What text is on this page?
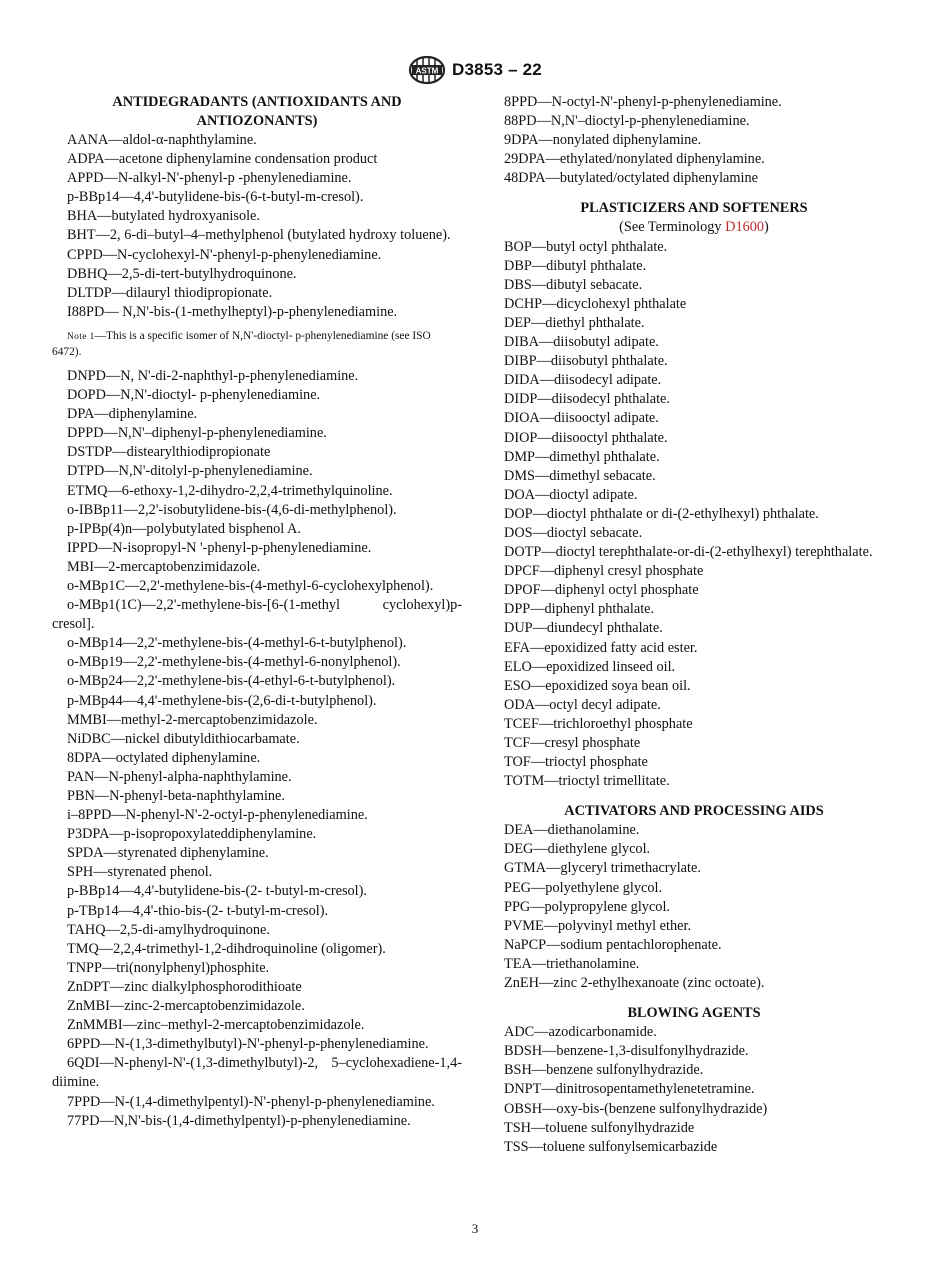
ASTM D3853 – 22
ANTIDEGRADANTS (ANTIOXIDANTS AND ANTIOZONANTS)
AANA—aldol-α-naphthylamine.
ADPA—acetone diphenylamine condensation product
APPD—N-alkyl-N'-phenyl-p -phenylenediamine.
p-BBp14—4,4'-butylidene-bis-(6-t-butyl-m-cresol).
BHA—butylated hydroxyanisole.
BHT—2, 6-di–butyl–4–methylphenol (butylated hydroxy toluene).
CPPD—N-cyclohexyl-N'-phenyl-p-phenylenediamine.
DBHQ—2,5-di-tert-butylhydroquinone.
DLTDP—dilauryl thiodipropionate.
I88PD— N,N'-bis-(1-methylheptyl)-p-phenylenediamine.
Note 1—This is a specific isomer of N,N'-dioctyl- p-phenylenediamine (see ISO 6472).
DNPD—N, N'-di-2-naphthyl-p-phenylenediamine.
DOPD—N,N'-dioctyl- p-phenylenediamine.
DPA—diphenylamine.
DPPD—N,N'–diphenyl-p-phenylenediamine.
DSTDP—distearylthiodipropionate
DTPD—N,N'-ditolyl-p-phenylenediamine.
ETMQ—6-ethoxy-1,2-dihydro-2,2,4-trimethylquinoline.
o-IBBp11—2,2'-isobutylidene-bis-(4,6-di-methylphenol).
p-IPBp(4)n—polybutylated bisphenol A.
IPPD—N-isopropyl-N '-phenyl-p-phenylenediamine.
MBI—2-mercaptobenzimidazole.
o-MBp1C—2,2'-methylene-bis-(4-methyl-6-cyclohexylphenol).
o-MBp1(1C)—2,2'-methylene-bis-[6-(1-methyl cyclohexyl)p-cresol].
o-MBp14—2,2'-methylene-bis-(4-methyl-6-t-butylphenol).
o-MBp19—2,2'-methylene-bis-(4-methyl-6-nonylphenol).
o-MBp24—2,2'-methylene-bis-(4-ethyl-6-t-butylphenol).
p-MBp44—4,4'-methylene-bis-(2,6-di-t-butylphenol).
MMBI—methyl-2-mercaptobenzimidazole.
NiDBC—nickel dibutyldithiocarbamate.
8DPA—octylated diphenylamine.
PAN—N-phenyl-alpha-naphthylamine.
PBN—N-phenyl-beta-naphthylamine.
i–8PPD—N-phenyl-N'-2-octyl-p-phenylenediamine.
P3DPA—p-isopropoxylateddiphenylamine.
SPDA—styrenated diphenylamine.
SPH—styrenated phenol.
p-BBp14—4,4'-butylidene-bis-(2- t-butyl-m-cresol).
p-TBp14—4,4'-thio-bis-(2- t-butyl-m-cresol).
TAHQ—2,5-di-amylhydroquinone.
TMQ—2,2,4-trimethyl-1,2-dihdroquinoline (oligomer).
TNPP—tri(nonylphenyl)phosphite.
ZnDPT—zinc dialkylphosphorodithioate
ZnMBI—zinc-2-mercaptobenzimidazole.
ZnMMBI—zinc–methyl-2-mercaptobenzimidazole.
6PPD—N-(1,3-dimethylbutyl)-N'-phenyl-p-phenylenediamine.
6QDI—N-phenyl-N'-(1,3-dimethylbutyl)-2, 5–cyclohexadiene-1,4-diimine.
7PPD—N-(1,4-dimethylpentyl)-N'-phenyl-p-phenylenediamine.
77PD—N,N'-bis-(1,4-dimethylpentyl)-p-phenylenediamine.
8PPD—N-octyl-N'-phenyl-p-phenylenediamine.
88PD—N,N'–dioctyl-p-phenylenediamine.
9DPA—nonylated diphenylamine.
29DPA—ethylated/nonylated diphenylamine.
48DPA—butylated/octylated diphenylamine
PLASTICIZERS AND SOFTENERS
(See Terminology D1600)
BOP—butyl octyl phthalate.
DBP—dibutyl phthalate.
DBS—dibutyl sebacate.
DCHP—dicyclohexyl phthalate
DEP—diethyl phthalate.
DIBA—diisobutyl adipate.
DIBP—diisobutyl phthalate.
DIDA—diisodecyl adipate.
DIDP—diisodecyl phthalate.
DIOA—diisooctyl adipate.
DIOP—diisooctyl phthalate.
DMP—dimethyl phthalate.
DMS—dimethyl sebacate.
DOA—dioctyl adipate.
DOP—dioctyl phthalate or di-(2-ethylhexyl) phthalate.
DOS—dioctyl sebacate.
DOTP—dioctyl terephthalate-or-di-(2-ethylhexyl) terephthalate.
DPCF—diphenyl cresyl phosphate
DPOF—diphenyl octyl phosphate
DPP—diphenyl phthalate.
DUP—diundecyl phthalate.
EFA—epoxidized fatty acid ester.
ELO—epoxidized linseed oil.
ESO—epoxidized soya bean oil.
ODA—octyl decyl adipate.
TCEF—trichloroethyl phosphate
TCF—cresyl phosphate
TOF—trioctyl phosphate
TOTM—trioctyl trimellitate.
ACTIVATORS AND PROCESSING AIDS
DEA—diethanolamine.
DEG—diethylene glycol.
GTMA—glyceryl trimethacrylate.
PEG—polyethylene glycol.
PPG—polypropylene glycol.
PVME—polyvinyl methyl ether.
NaPCP—sodium pentachlorophenate.
TEA—triethanolamine.
ZnEH—zinc 2-ethylhexanoate (zinc octoate).
BLOWING AGENTS
ADC—azodicarbonamide.
BDSH—benzene-1,3-disulfonylhydrazide.
BSH—benzene sulfonylhydrazide.
DNPT—dinitrosopentamethylenetetramine.
OBSH—oxy-bis-(benzene sulfonylhydrazide)
TSH—toluene sulfonylhydrazide
TSS—toluene sulfonylsemicarbazide
3
